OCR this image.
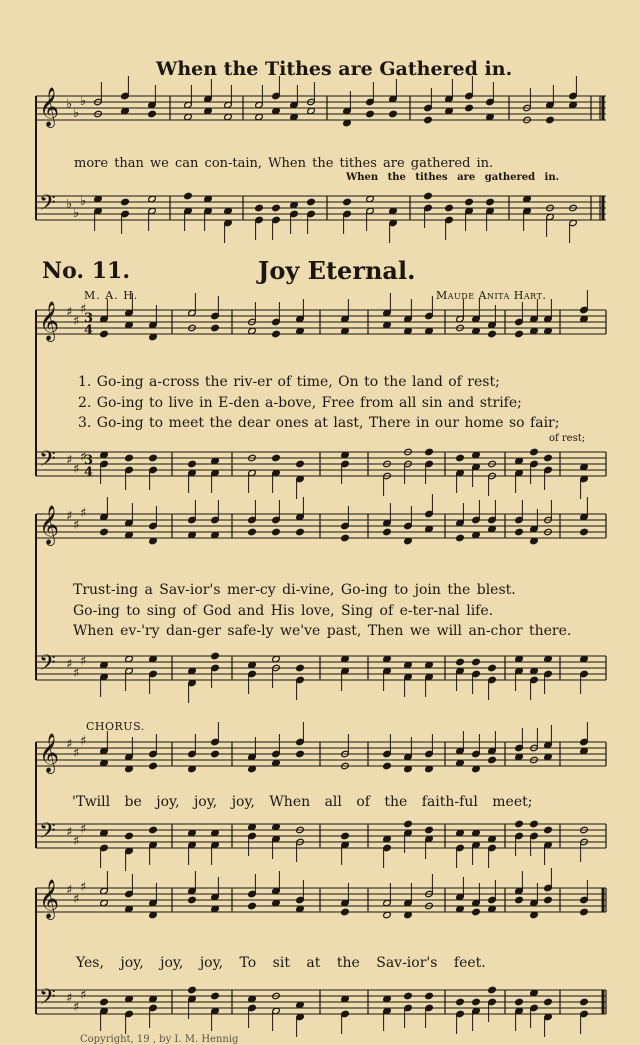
𝄞 ♭
♭
♭
𝄢 ♭
♭
♭
𝄞 ♯
♯
♯
𝄢 ♯
♯
♯
𝄞 ♯
♯
♯
𝄢 ♯
♯
♯
𝄞 ♯
♯
♯
𝄢 ♯
♯
♯
𝄞 ♯
♯
♯
𝄢 ♯
♯
♯
3
4
3
4
When the Tithes are Gathered in.
more than we can con-tain, When the tithes are gathered in.
When the tithes are gathered in.
No. 11.	Joy Eternal.
M. A. H.	Maude Anita Hart.
1. Go-ing a-cross the riv-er of time, On to the land of rest;
2. Go-ing to live in E-den a-bove, Free from all sin and strife;
3. Go-ing to meet the dear ones at last, There in our home so fair;
of rest;
Trust-ing a Sav-ior's mer-cy di-vine, Go-ing to join the blest.
Go-ing to sing of God and His love, Sing of e-ter-nal life.
When ev-'ry dan-ger safe-ly we've past, Then we will an-chor there.
CHORUS.
'Twill be joy, joy, joy, When all of the faith-ful meet;
Yes, joy, joy, joy, To sit at the Sav-ior's feet.
Copyright, 19 , by I. M. Hennig
